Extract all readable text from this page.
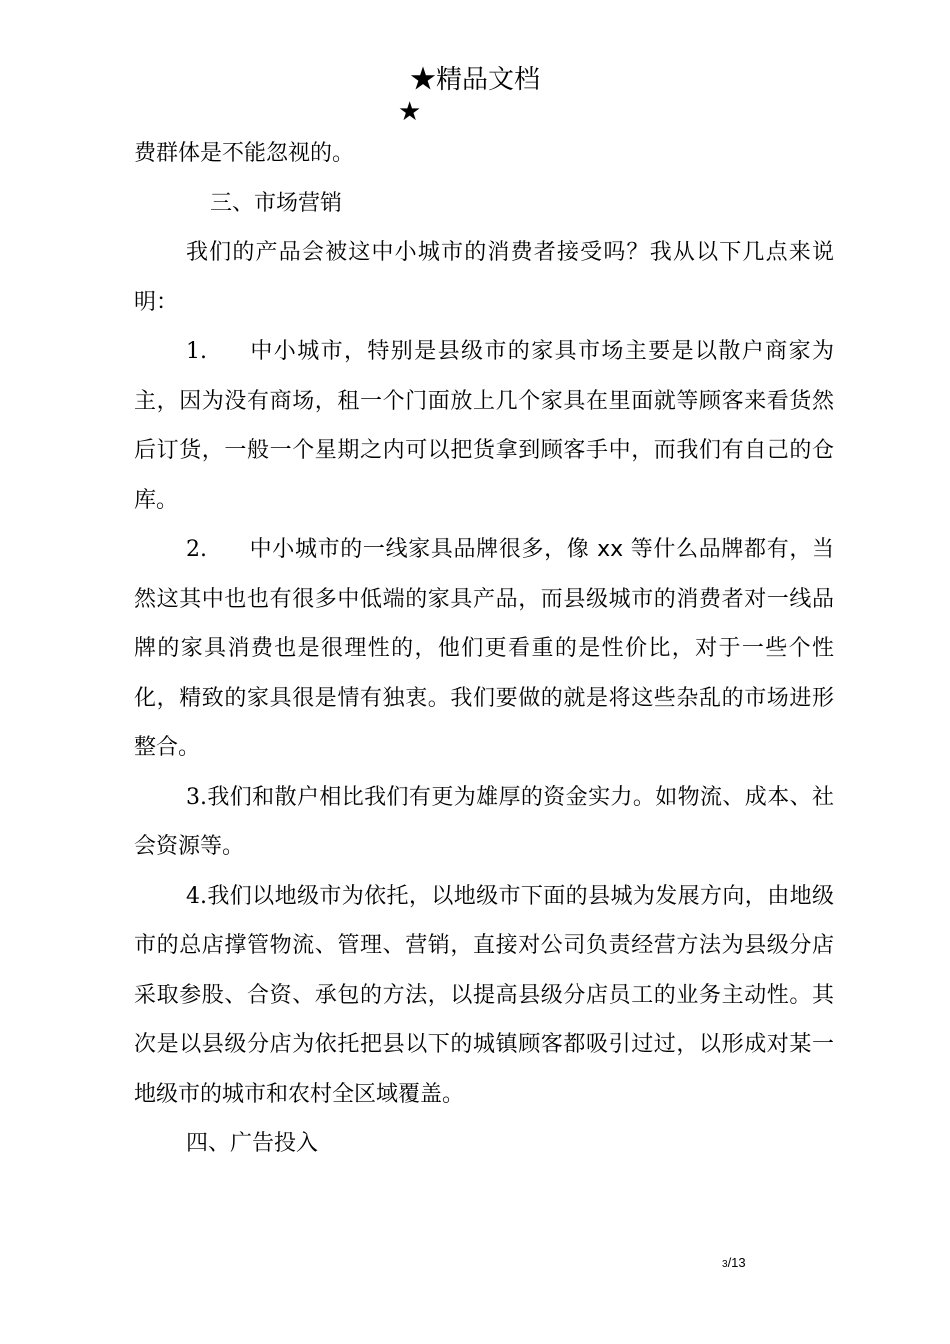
★精品文档
★

费群体是不能忽视的。

三、市场营销

我们的产品会被这中小城市的消费者接受吗？我从以下几点来说明：

1. 中小城市，特别是县级市的家具市场主要是以散户商家为主，因为没有商场，租一个门面放上几个家具在里面就等顾客来看货然后订货，一般一个星期之内可以把货拿到顾客手中，而我们有自己的仓库。

2. 中小城市的一线家具品牌很多，像 xx 等什么品牌都有，当然这其中也也有很多中低端的家具产品，而县级城市的消费者对一线品牌的家具消费也是很理性的，他们更看重的是性价比，对于一些个性化，精致的家具很是情有独衷。我们要做的就是将这些杂乱的市场进形整合。

3.我们和散户相比我们有更为雄厚的资金实力。如物流、成本、社会资源等。

4.我们以地级市为依托，以地级市下面的县城为发展方向，由地级市的总店撑管物流、管理、营销，直接对公司负责经营方法为县级分店采取参股、合资、承包的方法，以提高县级分店员工的业务主动性。其次是以县级分店为依托把县以下的城镇顾客都吸引过过，以形成对某一地级市的城市和农村全区域覆盖。

四、广告投入

3/13
